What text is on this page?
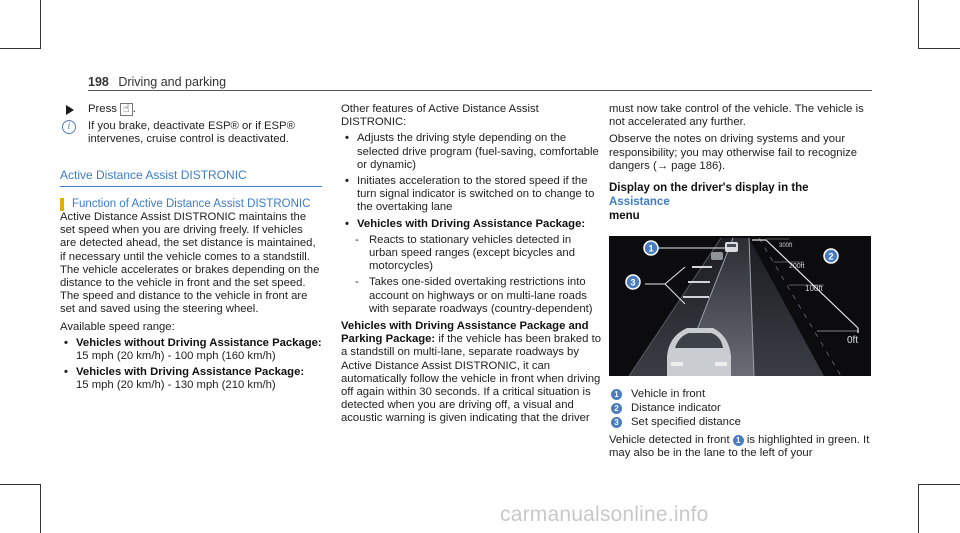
198 Driving and parking
Press ☝ .
i	If you brake, deactivate ESP® or if ESP® intervenes, cruise control is deactivated.
Active Distance Assist DISTRONIC
Function of Active Distance Assist DISTRONIC

Active Distance Assist DISTRONIC maintains the set speed when you are driving freely. If vehicles are detected ahead, the set distance is maintained, if necessary until the vehicle comes to a standstill. The vehicle accelerates or brakes depending on the distance to the vehicle in front and the set speed. The speed and distance to the vehicle in front are set and saved using the steering wheel.

Available speed range:

• Vehicles without Driving Assistance Package:
15 mph (20 km/h) - 100 mph (160 km/h)
• Vehicles with Driving Assistance Package:
15 mph (20 km/h) - 130 mph (210 km/h)

Other features of Active Distance Assist DISTRONIC:

• Adjusts the driving style depending on the selected drive program (fuel-saving, comfortable or dynamic)
• Initiates acceleration to the stored speed if the turn signal indicator is switched on to change to the overtaking lane
• Vehicles with Driving Assistance Package:
- Reacts to stationary vehicles detected in urban speed ranges (except bicycles and motorcycles)
- Takes one-sided overtaking restrictions into account on highways or on multi-lane roads with separate roadways (country-dependent)

Vehicles with Driving Assistance Package and Parking Package: if the vehicle has been braked to a standstill on multi-lane, separate roadways by Active Distance Assist DISTRONIC, it can automatically follow the vehicle in front when driving off again within 30 seconds. If a critical situation is detected when you are driving off, a visual and acoustic warning is given indicating that the driver

must now take control of the vehicle. The vehicle is not accelerated any further.

Observe the notes on driving systems and your responsibility; you may otherwise fail to recognize dangers (→ page 186).

Display on the driver's display in the Assistance
menu
300ft
200ft
100ft
0ft
1
2
3
1 Vehicle in front
2 Distance indicator
3 Set specified distance

Vehicle detected in front 1 is highlighted in green. It may also be in the lane to the left of your

carmanualsonline.info
